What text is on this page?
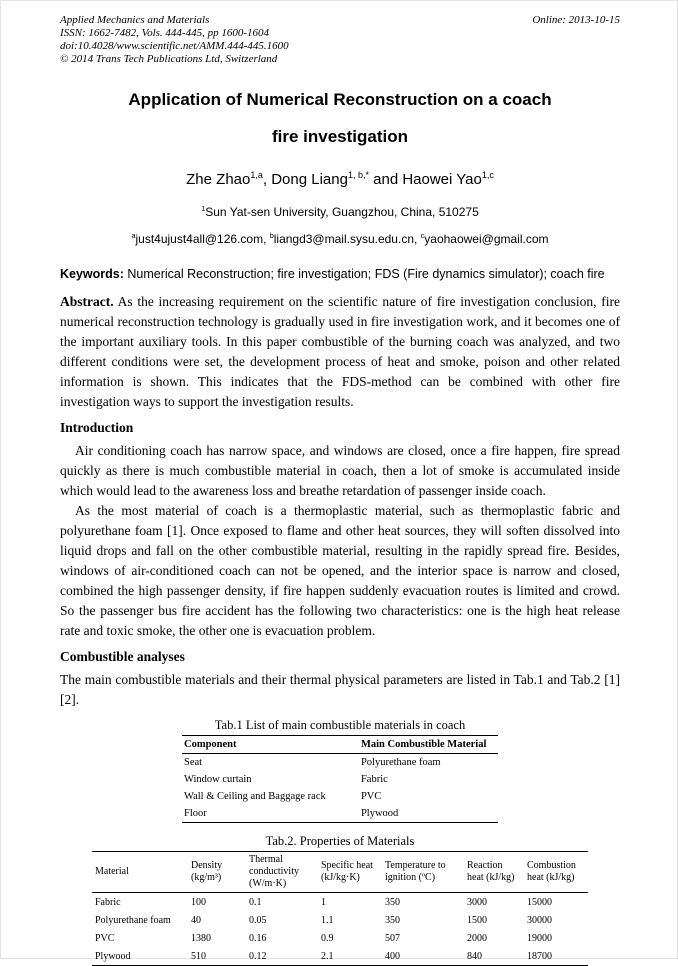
Applied Mechanics and Materials
ISSN: 1662-7482, Vols. 444-445, pp 1600-1604
doi:10.4028/www.scientific.net/AMM.444-445.1600
© 2014 Trans Tech Publications Ltd, Switzerland
Online: 2013-10-15
Application of Numerical Reconstruction on a coach
fire investigation
Zhe Zhao$^{1,a}$, Dong Liang$^{1, b,*}$ and Haowei Yao$^{1,c}$
$^1$Sun Yat-sen University, Guangzhou, China, 510275
$^a$just4ujust4all@126.com, $^b$liangd3@mail.sysu.edu.cn, $^c$yaohaowei@gmail.com
Keywords: Numerical Reconstruction; fire investigation; FDS (Fire dynamics simulator); coach fire

Abstract. As the increasing requirement on the scientific nature of fire investigation conclusion, fire numerical reconstruction technology is gradually used in fire investigation work, and it becomes one of the important auxiliary tools. In this paper combustible of the burning coach was analyzed, and two different conditions were set, the development process of heat and smoke, poison and other related information is shown. This indicates that the FDS-method can be combined with other fire investigation ways to support the investigation results.

Introduction

Air conditioning coach has narrow space, and windows are closed, once a fire happen, fire spread quickly as there is much combustible material in coach, then a lot of smoke is accumulated inside which would lead to the awareness loss and breathe retardation of passenger inside coach.

As the most material of coach is a thermoplastic material, such as thermoplastic fabric and polyurethane foam [1]. Once exposed to flame and other heat sources, they will soften dissolved into liquid drops and fall on the other combustible material, resulting in the rapidly spread fire. Besides, windows of air-conditioned coach can not be opened, and the interior space is narrow and closed, combined the high passenger density, if fire happen suddenly evacuation routes is limited and crowd. So the passenger bus fire accident has the following two characteristics: one is the high heat release rate and toxic smoke, the other one is evacuation problem.

Combustible analyses

The main combustible materials and their thermal physical parameters are listed in Tab.1 and Tab.2 [1] [2].

Tab.1 List of main combustible materials in coach
Component	Main Combustible Material
Seat	Polyurethane foam
Window curtain	Fabric
Wall & Ceiling and Baggage rack	PVC
Floor	Plywood
Tab.2. Properties of Materials
Material	Density (kg/m³)	Thermal conductivity (W/m·K)	Specific heat (kJ/kg·K)	Temperature to ignition (ºC)	Reaction heat (kJ/kg)	Combustion heat (kJ/kg)
Fabric	100	0.1	1	350	3000	15000
Polyurethane foam	40	0.05	1.1	350	1500	30000
PVC	1380	0.16	0.9	507	2000	19000
Plywood	510	0.12	2.1	400	840	18700
